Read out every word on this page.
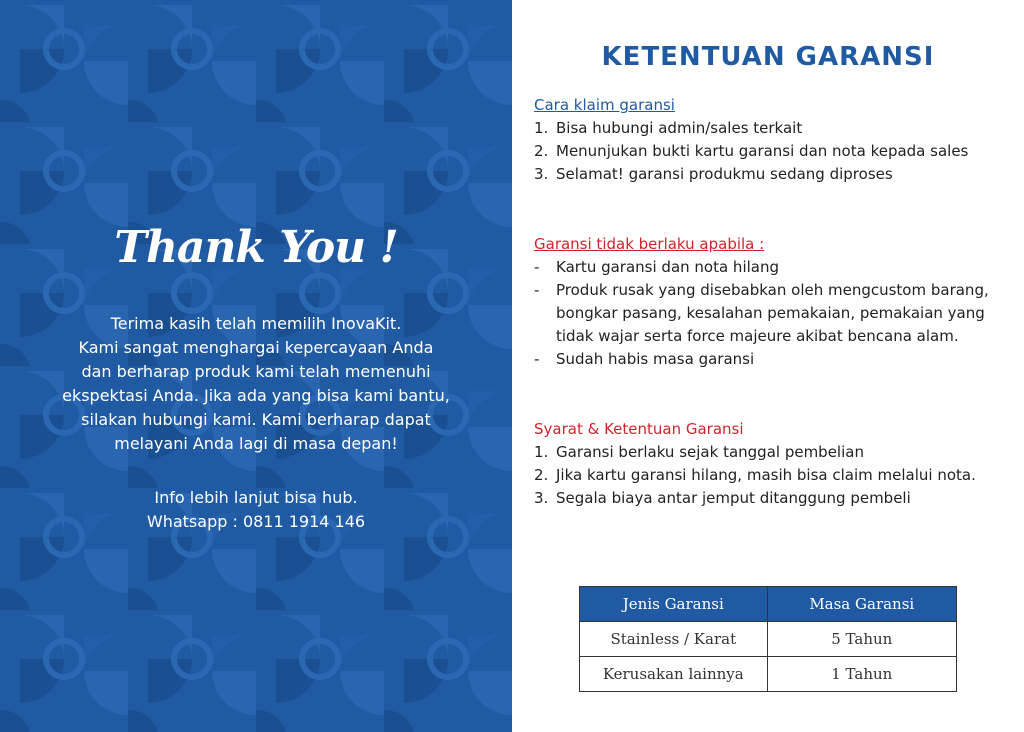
Thank You !

Terima kasih telah memilih InovaKit.

Kami sangat menghargai kepercayaan Anda

dan berharap produk kami telah memenuhi

ekspektasi Anda. Jika ada yang bisa kami bantu,

silakan hubungi kami. Kami berharap dapat

melayani Anda lagi di masa depan!

Info lebih lanjut bisa hub.

Whatsapp : 0811 1914 146

KETENTUAN GARANSI
Cara klaim garansi
1. Bisa hubungi admin/sales terkait
2. Menunjukan bukti kartu garansi dan nota kepada sales
3. Selamat! garansi produkmu sedang diproses
Garansi tidak berlaku apabila :
-	Kartu garansi dan nota hilang
-	Produk rusak yang disebabkan oleh mengcustom barang, bongkar pasang, kesalahan pemakaian, pemakaian yang tidak wajar serta force majeure akibat bencana alam.
-	Sudah habis masa garansi
Syarat & Ketentuan Garansi
1. Garansi berlaku sejak tanggal pembelian
2. Jika kartu garansi hilang, masih bisa claim melalui nota.
3. Segala biaya antar jemput ditanggung pembeli
Jenis Garansi	Masa Garansi
Stainless / Karat	5 Tahun
Kerusakan lainnya	1 Tahun
